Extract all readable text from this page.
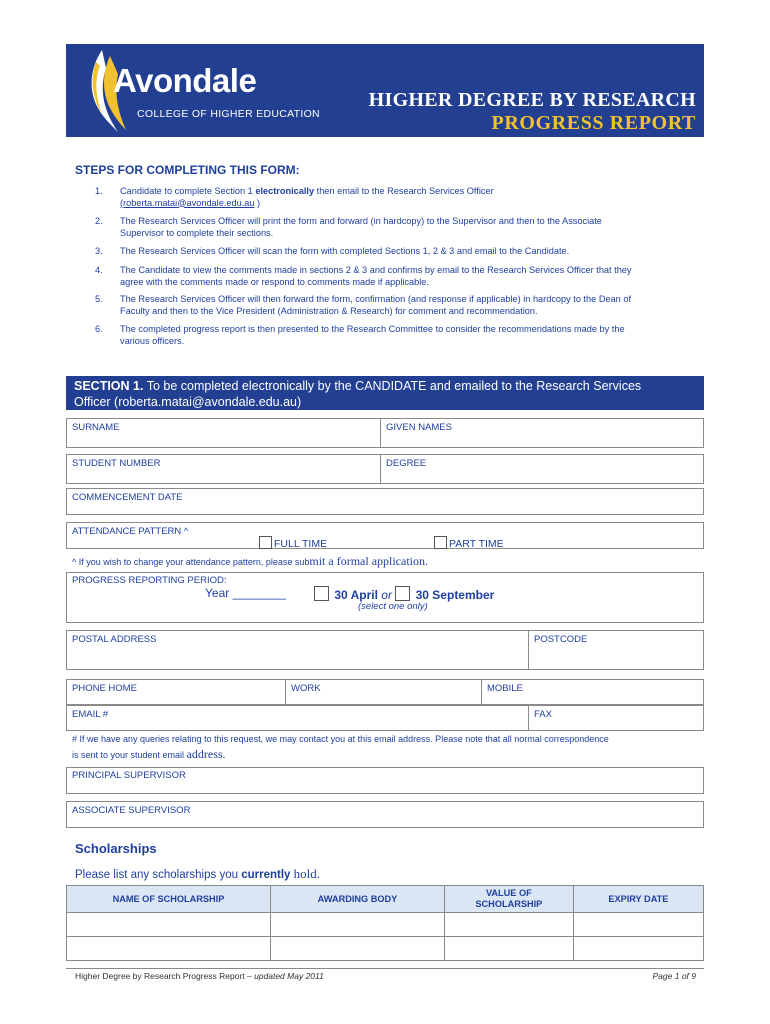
Avondale
COLLEGE OF HIGHER EDUCATION
HIGHER DEGREE BY RESEARCH
PROGRESS REPORT
STEPS FOR COMPLETING THIS FORM:
1. Candidate to complete Section 1 electronically then email to the Research Services Officer
(roberta.matai@avondale.edu.au )
2. The Research Services Officer will print the form and forward (in hardcopy) to the Supervisor and then to the Associate
Supervisor to complete their sections.
3. The Research Services Officer will scan the form with completed Sections 1, 2 & 3 and email to the Candidate.
4. The Candidate to view the comments made in sections 2 & 3 and confirms by email to the Research Services Officer that they
agree with the comments made or respond to comments made if applicable.
5. The Research Services Officer will then forward the form, confirmation (and response if applicable) in hardcopy to the Dean of
Faculty and then to the Vice President (Administration & Research) for comment and recommendation.
6. The completed progress report is then presented to the Research Committee to consider the recommendations made by the
various officers.
SECTION 1. To be completed electronically by the CANDIDATE and emailed to the Research Services
Officer (roberta.matai@avondale.edu.au)
SURNAME	GIVEN NAMES
STUDENT NUMBER	DEGREE
COMMENCEMENT DATE
ATTENDANCE PATTERN ^
FULL TIME	PART TIME
^ If you wish to change your attendance pattern, please submit a formal application.
PROGRESS REPORTING PERIOD:
Year ________	30 April or 30 September
(select one only)
POSTAL ADDRESS	POSTCODE
PHONE HOME	WORK	MOBILE
EMAIL #	FAX
# If we have any queries relating to this request, we may contact you at this email address. Please note that all normal correspondence
is sent to your student email address.
PRINCIPAL SUPERVISOR
ASSOCIATE SUPERVISOR
Scholarships
Please list any scholarships you currently hold.
NAME OF SCHOLARSHIP	AWARDING BODY	VALUE OF SCHOLARSHIP	EXPIRY DATE

Higher Degree by Research Progress Report – updated May 2011	Page 1 of 9
